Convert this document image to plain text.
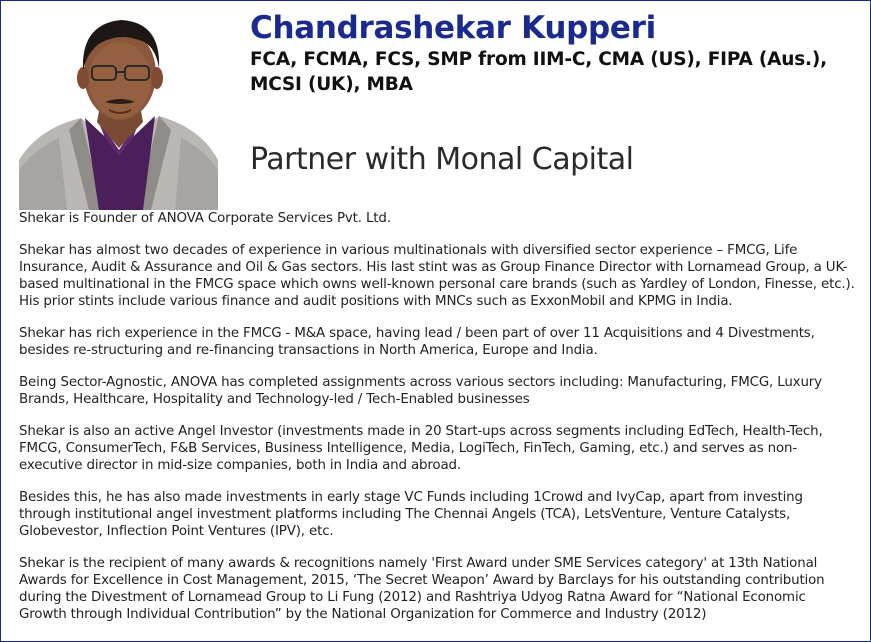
Chandrashekar Kupperi
FCA, FCMA, FCS, SMP from IIM-C, CMA (US), FIPA (Aus.), MCSI (UK), MBA
Partner with Monal Capital

Shekar is Founder of ANOVA Corporate Services Pvt. Ltd.

Shekar has almost two decades of experience in various multinationals with diversified sector experience – FMCG, Life Insurance, Audit & Assurance and Oil & Gas sectors. His last stint was as Group Finance Director with Lornamead Group, a UK-based multinational in the FMCG space which owns well-known personal care brands (such as Yardley of London, Finesse, etc.). His prior stints include various finance and audit positions with MNCs such as ExxonMobil and KPMG in India.

Shekar has rich experience in the FMCG - M&A space, having lead / been part of over 11 Acquisitions and 4 Divestments, besides re-structuring and re-financing transactions in North America, Europe and India.

Being Sector-Agnostic, ANOVA has completed assignments across various sectors including: Manufacturing, FMCG, Luxury Brands, Healthcare, Hospitality and Technology-led / Tech-Enabled businesses

Shekar is also an active Angel Investor (investments made in 20 Start-ups across segments including EdTech, Health-Tech, FMCG, ConsumerTech, F&B Services, Business Intelligence, Media, LogiTech, FinTech, Gaming, etc.) and serves as non-executive director in mid-size companies, both in India and abroad.

Besides this, he has also made investments in early stage VC Funds including 1Crowd and IvyCap, apart from investing through institutional angel investment platforms including The Chennai Angels (TCA), LetsVenture, Venture Catalysts, Globevestor, Inflection Point Ventures (IPV), etc.

Shekar is the recipient of many awards & recognitions namely 'First Award under SME Services category' at 13th National Awards for Excellence in Cost Management, 2015, ‘The Secret Weapon’ Award by Barclays for his outstanding contribution during the Divestment of Lornamead Group to Li Fung (2012) and Rashtriya Udyog Ratna Award for “National Economic Growth through Individual Contribution” by the National Organization for Commerce and Industry (2012)
